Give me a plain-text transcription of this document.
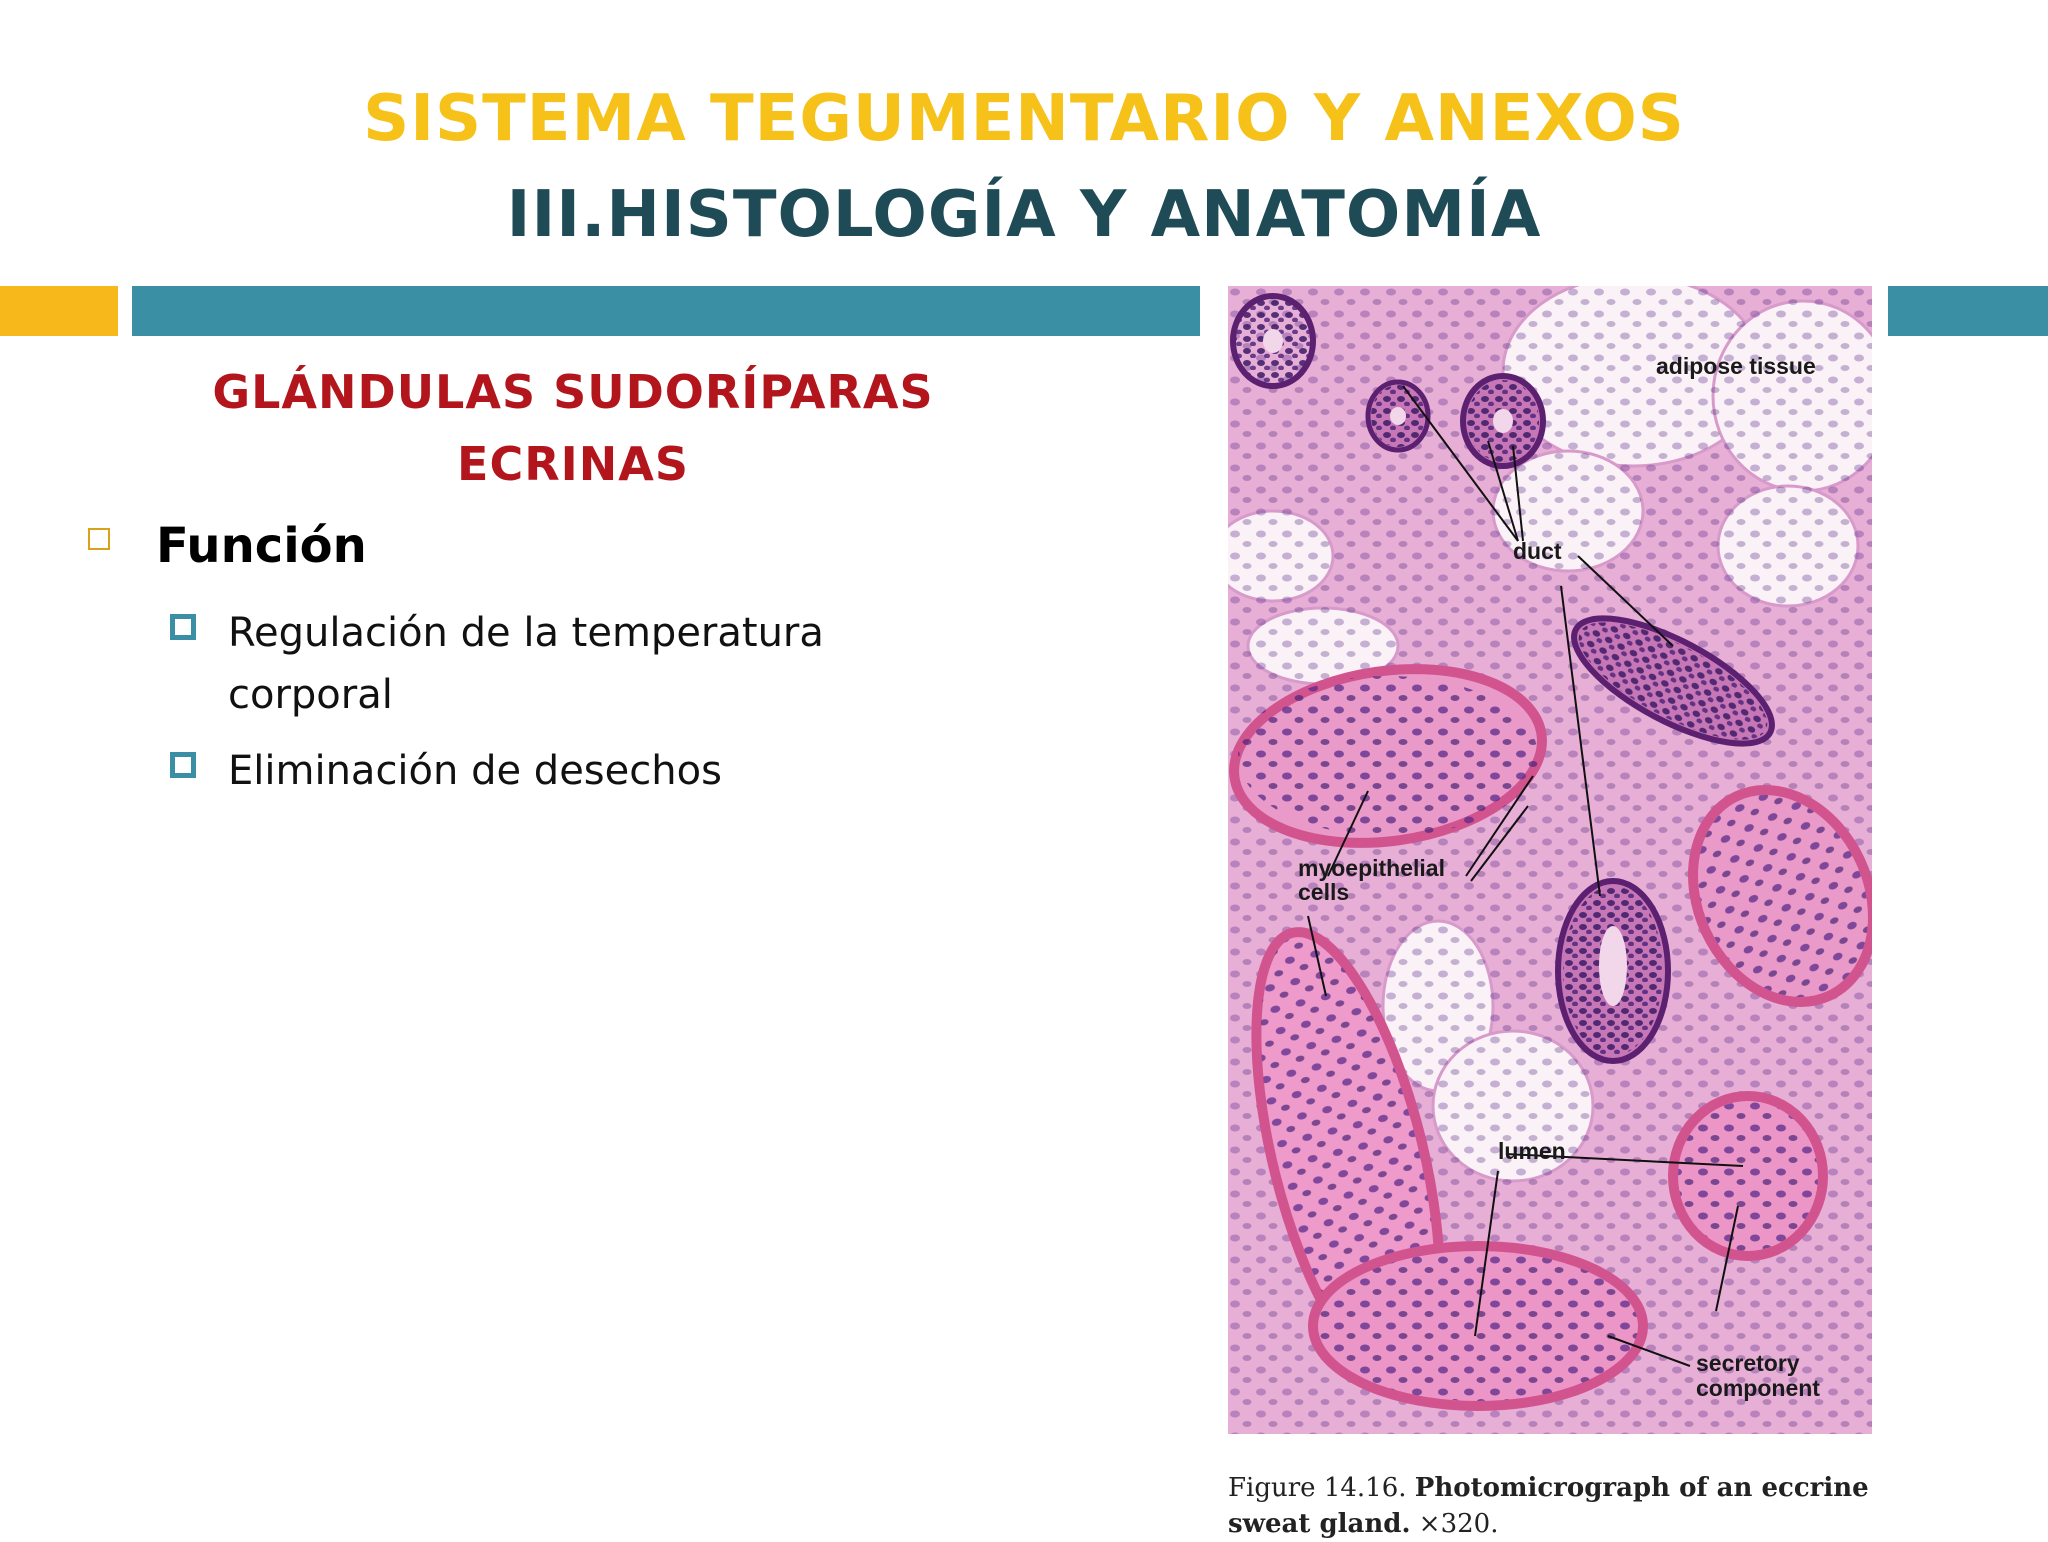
SISTEMA TEGUMENTARIO Y ANEXOS
III.HISTOLOGÍA Y ANATOMÍA
GLÁNDULAS SUDORÍPARAS
ECRINAS
Función
Regulación de la temperatura
corporal
Eliminación de desechos
adipose tissue
duct
myoepithelial
cells
lumen
secretory
component
Figure 14.16. Photomicrograph of an eccrine sweat gland. ×320.
